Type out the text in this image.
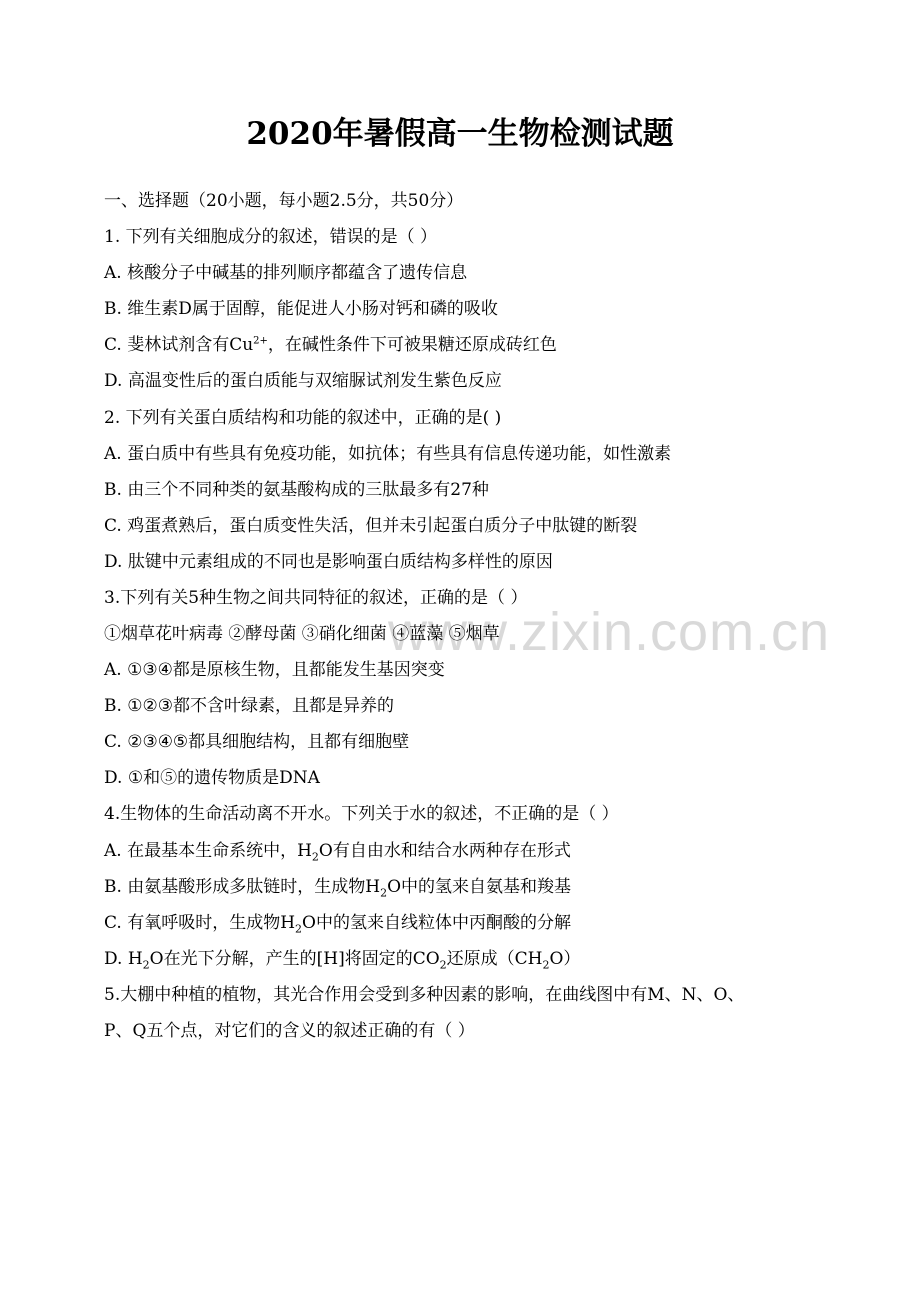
www.zixin.com.cn
2020年暑假高一生物检测试题
一、选择题（20小题，每小题2.5分，共50分）
1. 下列有关细胞成分的叙述，错误的是（ ）
A. 核酸分子中碱基的排列顺序都蕴含了遗传信息
B. 维生素D属于固醇，能促进人小肠对钙和磷的吸收
C. 斐林试剂含有$Cu^{2+}$，在碱性条件下可被果糖还原成砖红色
D. 高温变性后的蛋白质能与双缩脲试剂发生紫色反应
2. 下列有关蛋白质结构和功能的叙述中，正确的是( )
A. 蛋白质中有些具有免疫功能，如抗体；有些具有信息传递功能，如性激素
B. 由三个不同种类的氨基酸构成的三肽最多有27种
C. 鸡蛋煮熟后，蛋白质变性失活，但并未引起蛋白质分子中肽键的断裂
D. 肽键中元素组成的不同也是影响蛋白质结构多样性的原因
3.下列有关5种生物之间共同特征的叙述，正确的是（ ）
①烟草花叶病毒 ②酵母菌 ③硝化细菌 ④蓝藻 ⑤烟草
A. ①③④都是原核生物，且都能发生基因突变
B. ①②③都不含叶绿素，且都是异养的
C. ②③④⑤都具细胞结构，且都有细胞壁
D. ①和⑤的遗传物质是DNA
4.生物体的生命活动离不开水。下列关于水的叙述，不正确的是（ ）
A. 在最基本生命系统中，$H_2O$有自由水和结合水两种存在形式
B. 由氨基酸形成多肽链时，生成物$H_2O$中的氢来自氨基和羧基
C. 有氧呼吸时，生成物$H_2O$中的氢来自线粒体中丙酮酸的分解
D. $H_2O$在光下分解，产生的[H]将固定的$CO_2$还原成$(CH_2O)$
5.大棚中种植的植物，其光合作用会受到多种因素的影响，在曲线图中有M、N、O、
P、Q五个点，对它们的含义的叙述正确的有（ ）
